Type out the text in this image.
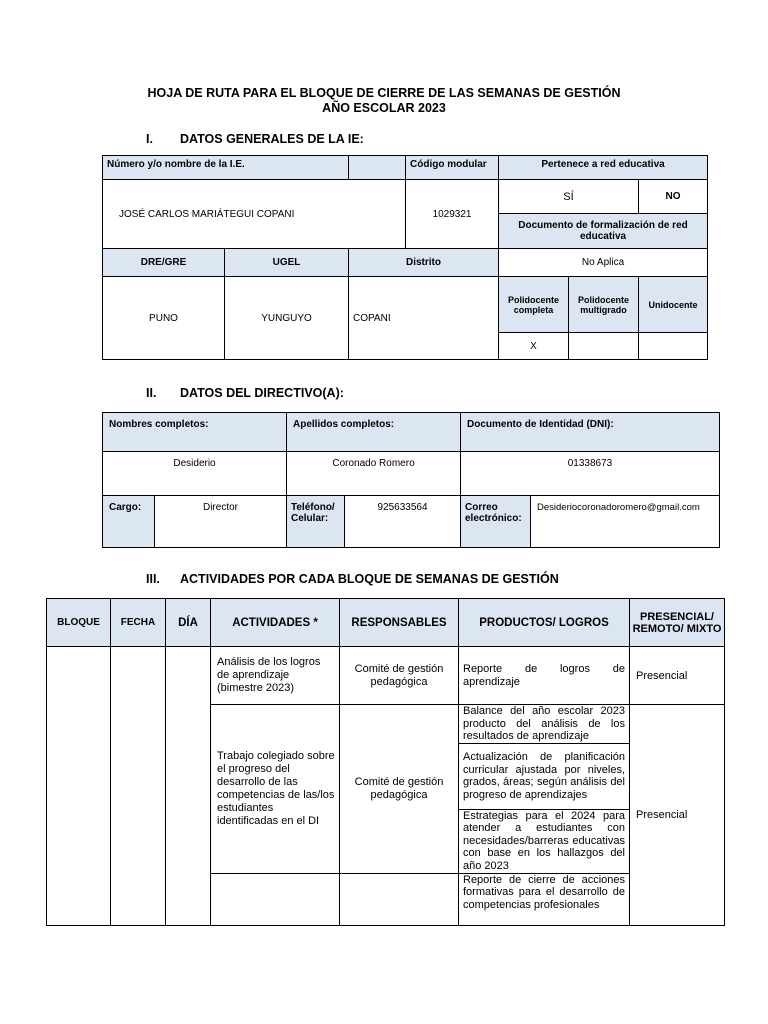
HOJA DE RUTA PARA EL BLOQUE DE CIERRE DE LAS SEMANAS DE GESTIÓN
AÑO ESCOLAR 2023
I. DATOS GENERALES DE LA IE:
Número y/o nombre de la I.E.			Código modular	Pertenece a red educativa		
JOSÉ CARLOS MARIÁTEGUI COPANI			1029321	SÍ		NO
				Documento de formalización de red educativa		
DRE/GRE	UGEL	Distrito		No Aplica		
PUNO	YUNGUYO	COPANI		Polidocente completa	Polidocente multigrado	Unidocente
				X		
II. DATOS DEL DIRECTIVO(A):
Nombres completos:		Apellidos completos:		Documento de Identidad (DNI):	
Desiderio		Coronado Romero		01338673	
Cargo:	Director	Teléfono/ Celular:	925633564	Correo electrónico:	Desideriocoronadoromero@gmail.com
III. ACTIVIDADES POR CADA BLOQUE DE SEMANAS DE GESTIÓN
BLOQUE	FECHA	DÍA	ACTIVIDADES *	RESPONSABLES	PRODUCTOS/ LOGROS	PRESENCIAL/ REMOTO/ MIXTO
			Análisis de los logros de aprendizaje (bimestre 2023)	Comité de gestión pedagógica	Reporte de logros de aprendizaje	Presencial
			Trabajo colegiado sobre el progreso del desarrollo de las competencias de las/los estudiantes identificadas en el DI	Comité de gestión pedagógica	Balance del año escolar 2023 producto del análisis de los resultados de aprendizaje	Presencial
					Actualización de planificación curricular ajustada por niveles, grados, áreas; según análisis del progreso de aprendizajes	
					Estrategias para el 2024 para atender a estudiantes con necesidades/barreras educativas con base en los hallazgos del año 2023	
					Reporte de cierre de acciones formativas para el desarrollo de competencias profesionales	
